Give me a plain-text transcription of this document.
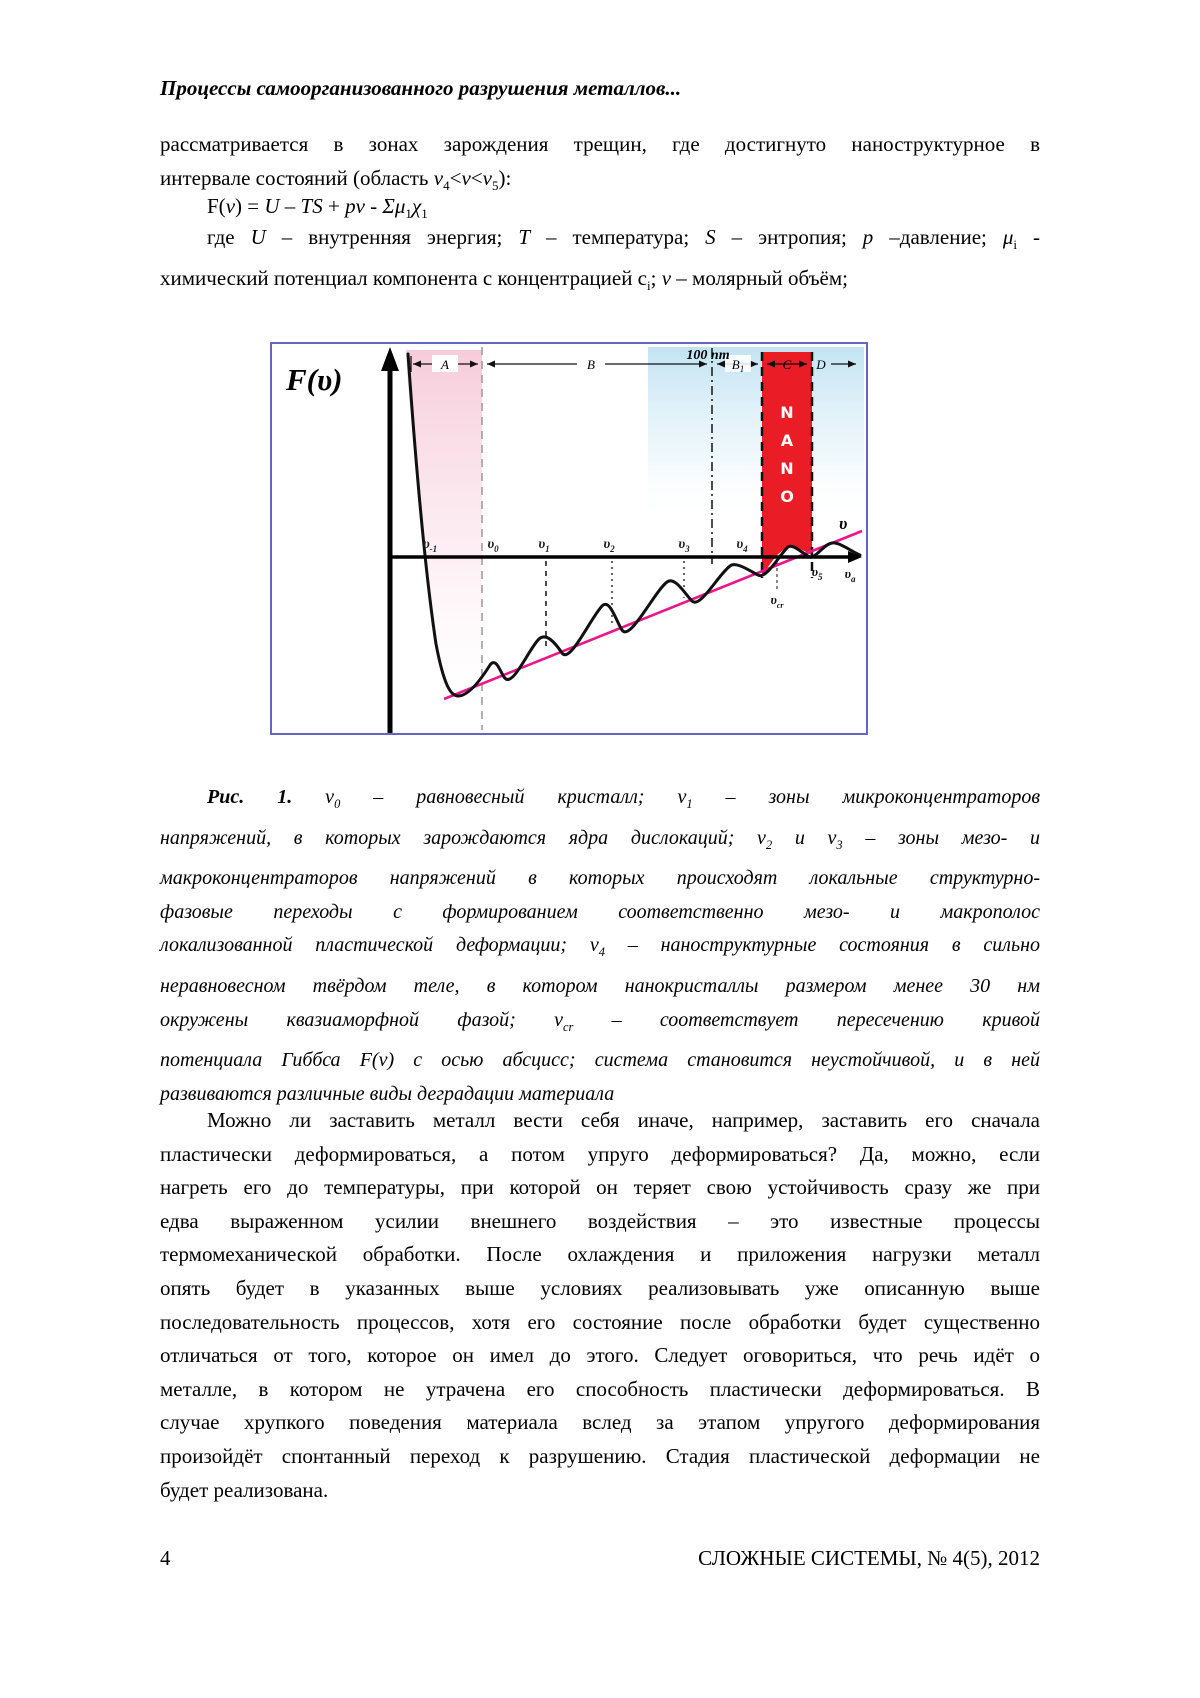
Процессы самоорганизованного разрушения металлов...
рассматривается в зонах зарождения трещин, где достигнуто наноструктурное в
интервале состояний (область $v_4<v<v_5$):
F(v) = U – TS + pv - $\Sigma\mu_1\chi_1$
где U – внутренняя энергия; T – температура; S – энтропия; p –давление; $\mu_i$ -
химический потенциал компонента с концентрацией $c_i$; v – молярный объём;
A	B	$B_1$	C D
100 nm
$\upsilon_{-1}$	$\upsilon_0$	$\upsilon_1$	$\upsilon_2$	$\upsilon_3$	$\upsilon_4$
$\upsilon_5$ $\upsilon_a$
$\upsilon_{cr}$
υ
N
A
N
O
F(υ)
Рис. 1. $v_0$ – равновесный кристалл; $v_1$ – зоны микроконцентраторов
напряжений, в которых зарождаются ядра дислокаций; $v_2$ и $v_3$ – зоны мезо- и
макроконцентраторов напряжений в которых происходят локальные структурно-
фазовые переходы с формированием соответственно мезо- и макрополос
локализованной пластической деформации; $v_4$ – наноструктурные состояния в сильно
неравновесном твёрдом теле, в котором нанокристаллы размером менее 30 нм
окружены квазиаморфной фазой; $v_{cr}$ – соответствует пересечению кривой
потенциала Гиббса F(v) с осью абсцисс; система становится неустойчивой, и в ней
развиваются различные виды деградации материала
Можно ли заставить металл вести себя иначе, например, заставить его сначала
пластически деформироваться, а потом упруго деформироваться? Да, можно, если
нагреть его до температуры, при которой он теряет свою устойчивость сразу же при
едва выраженном усилии внешнего воздействия – это известные процессы
термомеханической обработки. После охлаждения и приложения нагрузки металл
опять будет в указанных выше условиях реализовывать уже описанную выше
последовательность процессов, хотя его состояние после обработки будет существенно
отличаться от того, которое он имел до этого. Следует оговориться, что речь идёт о
металле, в котором не утрачена его способность пластически деформироваться. В
случае хрупкого поведения материала вслед за этапом упругого деформирования
произойдёт спонтанный переход к разрушению. Стадия пластической деформации не
будет реализована.
4	СЛОЖНЫЕ СИСТЕМЫ, № 4(5), 2012
